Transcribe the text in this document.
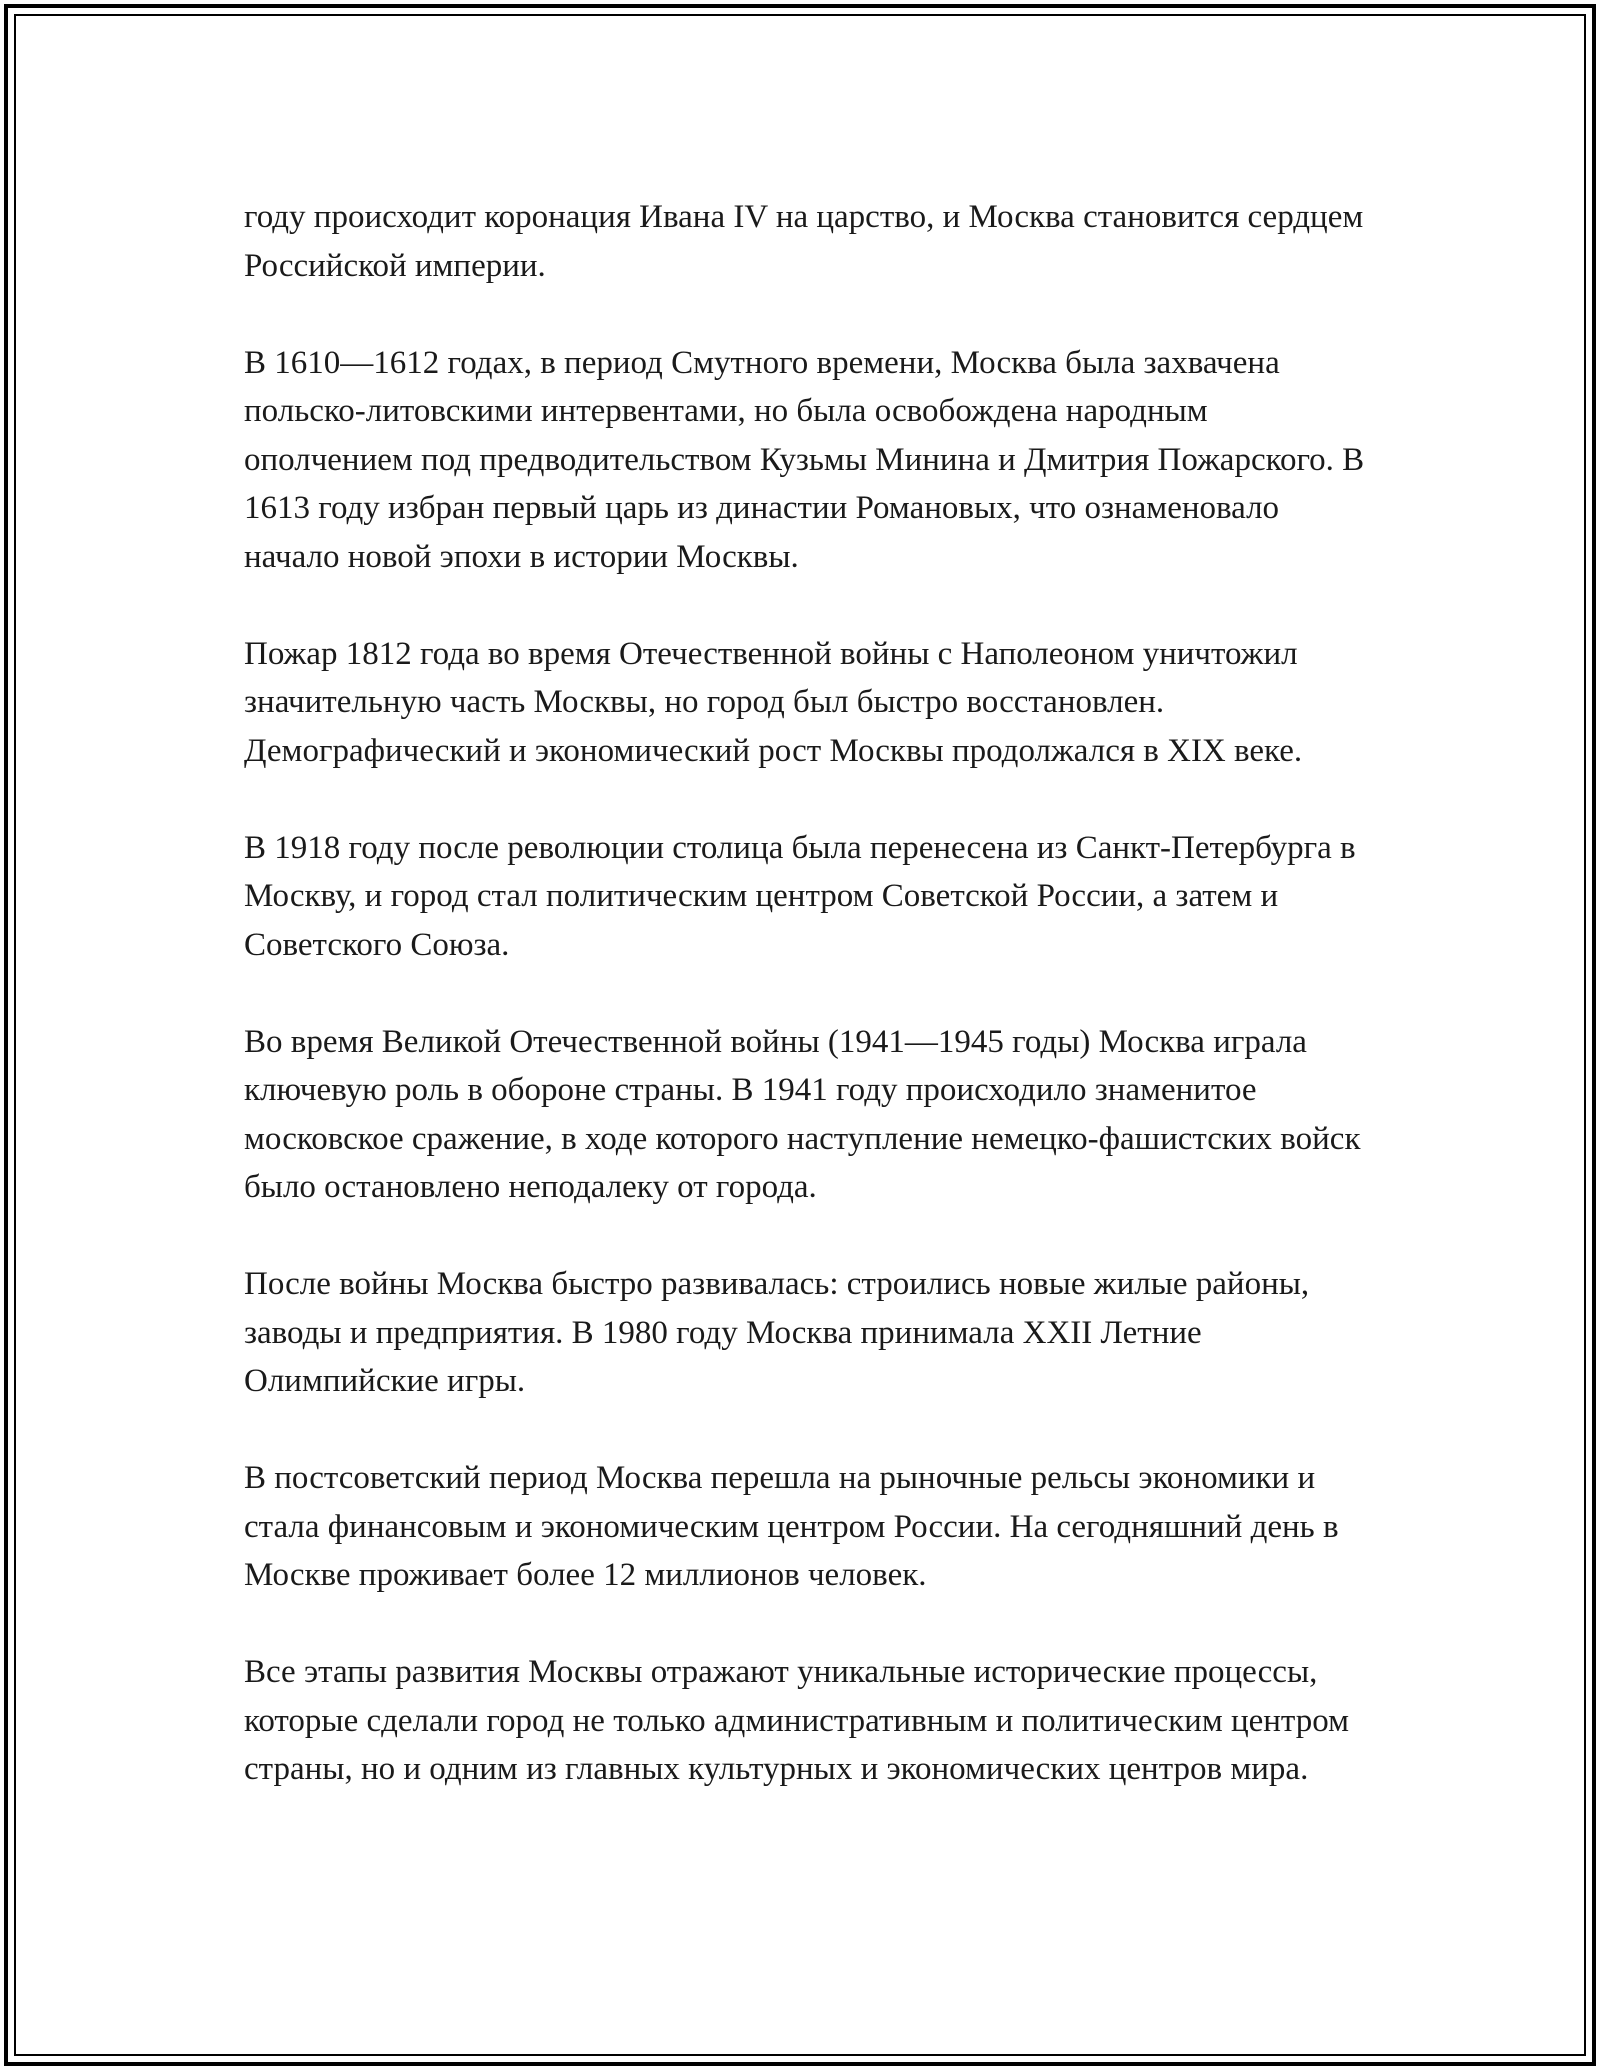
году происходит коронация Ивана IV на царство, и Москва становится сердцем Российской империи.

В 1610—1612 годах, в период Смутного времени, Москва была захвачена польско-литовскими интервентами, но была освобождена народным ополчением под предводительством Кузьмы Минина и Дмитрия Пожарского. В 1613 году избран первый царь из династии Романовых, что ознаменовало начало новой эпохи в истории Москвы.

Пожар 1812 года во время Отечественной войны с Наполеоном уничтожил значительную часть Москвы, но город был быстро восстановлен. Демографический и экономический рост Москвы продолжался в XIX веке.

В 1918 году после революции столица была перенесена из Санкт-Петербурга в Москву, и город стал политическим центром Советской России, а затем и Советского Союза.

Во время Великой Отечественной войны (1941—1945 годы) Москва играла ключевую роль в обороне страны. В 1941 году происходило знаменитое московское сражение, в ходе которого наступление немецко-фашистских войск было остановлено неподалеку от города.

После войны Москва быстро развивалась: строились новые жилые районы, заводы и предприятия. В 1980 году Москва принимала XXII Летние Олимпийские игры.

В постсоветский период Москва перешла на рыночные рельсы экономики и стала финансовым и экономическим центром России. На сегодняшний день в Москве проживает более 12 миллионов человек.

Все этапы развития Москвы отражают уникальные исторические процессы, которые сделали город не только административным и политическим центром страны, но и одним из главных культурных и экономических центров мира.
